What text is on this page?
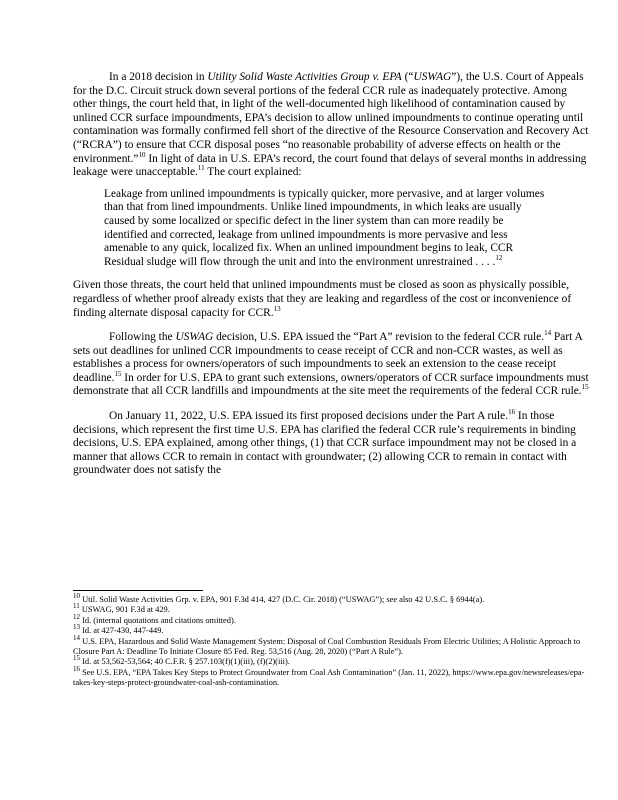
In a 2018 decision in Utility Solid Waste Activities Group v. EPA (“USWAG”), the U.S. Court of Appeals for the D.C. Circuit struck down several portions of the federal CCR rule as inadequately protective. Among other things, the court held that, in light of the well-documented high likelihood of contamination caused by unlined CCR surface impoundments, EPA’s decision to allow unlined impoundments to continue operating until contamination was formally confirmed fell short of the directive of the Resource Conservation and Recovery Act (“RCRA”) to ensure that CCR disposal poses “no reasonable probability of adverse effects on health or the environment.”$^{10}$ In light of data in U.S. EPA’s record, the court found that delays of several months in addressing leakage were unacceptable.$^{11}$ The court explained:

Leakage from unlined impoundments is typically quicker, more pervasive, and at larger volumes than that from lined impoundments. Unlike lined impoundments, in which leaks are usually caused by some localized or specific defect in the liner system than can more readily be identified and corrected, leakage from unlined impoundments is more pervasive and less amenable to any quick, localized fix. When an unlined impoundment begins to leak, CCR Residual sludge will flow through the unit and into the environment unrestrained . . . .$^{12}$

Given those threats, the court held that unlined impoundments must be closed as soon as physically possible, regardless of whether proof already exists that they are leaking and regardless of the cost or inconvenience of finding alternate disposal capacity for CCR.$^{13}$

Following the USWAG decision, U.S. EPA issued the “Part A” revision to the federal CCR rule.$^{14}$ Part A sets out deadlines for unlined CCR impoundments to cease receipt of CCR and non-CCR wastes, as well as establishes a process for owners/operators of such impoundments to seek an extension to the cease receipt deadline.$^{15}$ In order for U.S. EPA to grant such extensions, owners/operators of CCR surface impoundments must demonstrate that all CCR landfills and impoundments at the site meet the requirements of the federal CCR rule.$^{15}$

On January 11, 2022, U.S. EPA issued its first proposed decisions under the Part A rule.$^{16}$ In those decisions, which represent the first time U.S. EPA has clarified the federal CCR rule’s requirements in binding decisions, U.S. EPA explained, among other things, (1) that CCR surface impoundment may not be closed in a manner that allows CCR to remain in contact with groundwater; (2) allowing CCR to remain in contact with groundwater does not satisfy the

$^{10}$ Util. Solid Waste Activities Grp. v. EPA, 901 F.3d 414, 427 (D.C. Cir. 2018) (“USWAG”); see also 42 U.S.C. § 6944(a).
$^{11}$ USWAG, 901 F.3d at 429.
$^{12}$ Id. (internal quotations and citations omitted).
$^{13}$ Id. at 427-430, 447-449.
$^{14}$ U.S. EPA, Hazardous and Solid Waste Management System: Disposal of Coal Combustion Residuals From Electric Utilities; A Holistic Approach to Closure Part A: Deadline To Initiate Closure 85 Fed. Reg. 53,516 (Aug. 28, 2020) (“Part A Rule”).
$^{15}$ Id. at 53,562-53,564; 40 C.F.R. § 257.103(f)(1)(iii), (f)(2)(iii).
$^{16}$ See U.S. EPA, “EPA Takes Key Steps to Protect Groundwater from Coal Ash Contamination” (Jan. 11, 2022), https://www.epa.gov/newsreleases/epa-takes-key-steps-protect-groundwater-coal-ash-contamination.
